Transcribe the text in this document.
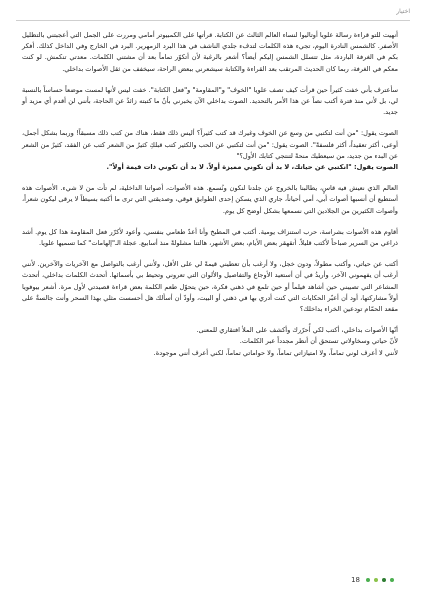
اختيار

أنهيت للتو قراءة رسالة علويا أوتاليوا لنساء العالم الثالث عن الكتابة. قرأتها على الكمبيوتر أمامي ومررت على الجمل التي أعجبتني بالتظليل الأصفر. كالشمس النادرة اليوم، تجيء هذه الكلمات لتدفء جلدي الناشف في هذا البرد الزمهرير. البرد في الخارج وفي الداخل كذلك. أفكر بكم في الغرفة الباردة، مثل تتسلل الشمس إليكم أيضاً؟ أشعر بالرغبة لأن أتكوّر تماماً بعد أن مشتني الكلمات. معدتي تنكمش. لو كنت معكم في الغرفة، ربما كان الحديث المرتقب بعد القراءة والكتابة سيشعرني ببعض الراحة، سيخفف من ثقل الأصوات بداخلي.

سأعترف بأني خفت كثيراً حين قرأت كيف تصف علويا "الخوف" و"المقاومة" و"فعل الكتابة". خفت ليس لأنها لمست موضعاً حساساً بالنسبة لي، بل لأني منذ فترة أكتب نصاً عن هذا الأمر بالتحديد. الصوت بداخلي الآن يخبرني بأنّ ما كتبته زائدٌ عن الحاجة، بأنني لن أقدم أي مزيد أو جديد.

الصوت يقول: "من أنت لتكتبي من وسع عن الخوف وغيرك قد كتب كثيراً؟ أليس ذلك فقط، هناك من كتب ذلك مسبقاً! وربما بشكل أجمل، أوعى، أكثر تعقيداً، أكثر فلسفةً". الصوت يقول: "من أنت لتكتبي عن الحب والكثير كتب قبلكِ كثيرٌ من الشعر كتب عن الفقد، كثيرٌ من الشعر عن البدء من جديد، من سيعطيك منحةً لتنتجي كتابك الأول؟"

الصوت يقول: "انكتبي عن حياتك، لا بد أن تكوني مميزة أولاً. لا بد أن تكوني ذات قيمة أولاً".

العالم الذي نعيش فيه قاسٍ، يطالبنا بالخروج عن جلدنا لنكون ونُسمع. هذه الأصوات، أصواتنا الداخلية، لم تأت من لا شيء. الأصوات هذه أستطيع أن أنسبها أصوات أبي، أمي أحياناً، جاري الذي يسكن إحدى الطوابق فوقي، وصديقتي التي ترى ما أكتبه بسيطاً لا يرقى ليكون شعراً، وأصوات الكثيرين من الجلادين التي نسمعها بشكل أوضح كل يوم.

أقاوم هذه الأصوات بشراسة، حرب استنزاف يومية. أكتب في المطبخ وأنا أعدّ طعامي بنفسي، وأعود لأكرّر فعل المقاومة هذا كل يوم. أشد ذراعي من السرير صباحاً لأكتب قليلاً. أتقهقر بعض الأيام، بعض الأشهر، هالتنا مشلولةً منذ أسابيع. عجلة الـ"إلهامات" كما تسميها علويا.

أكتب عن حياتي، وأكتب مطولاً، ودون خجل، ولا أرغب بأن تعطيني قيمةً لي على الأقل، ولأنني أرغب بالتواصل مع الآخريات والآخرين. لأنني أرغب أن يفهموني الآخر، وأريدُ في أن أستعيد الأوجاع والتفاصيل والألوان التي تعروني وتحيط بي بأسمائها. أتحدث الكلمات بداخلي، أتحدث المشاعر التي تصيبني حين أشاهد فيلماً أو حين تلمع في ذهني فكرة، حين يتحوّل طعم الكلمة بعض قراءة قصيدتي لأول مرة. أشعر بيوفويا أولاً مشاركتها، أود أن أعبّر الحكايات التي كنت أدري بها في ذهني أو البيت، وأودّ أن أسألك هل أحسست مثلي بهذا السحر وأنت جالسةٌ على مقعد الحمّام تودعين الخراء بداخلك؟

أنّها الأصوات بداخلي، أكتب لكي أُحرّرك وأكشف على الملأ افتقاري للمعنى.

لأنّ حياتي وسخاولاتي تستحق أن أنظر مجدداً عبر الكلمات.

لأنني لا أعرف لوني تماماً، ولا امتيازاتي تماماً، ولا حواماتي تماماً، لكني أعرف أنني موجودة.

18
